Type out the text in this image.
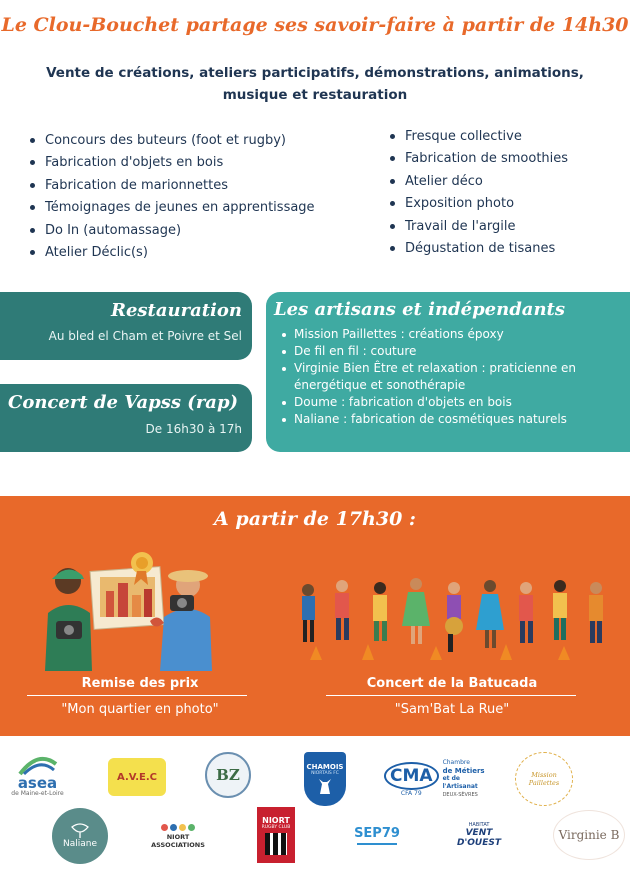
Le Clou-Bouchet partage ses savoir-faire à partir de 14h30
Vente de créations, ateliers participatifs, démonstrations, animations,
musique et restauration
Concours des buteurs (foot et rugby)
Fabrication d'objets en bois
Fabrication de marionnettes
Témoignages de jeunes en apprentissage
Do In (automassage)
Atelier Déclic(s)
Fresque collective
Fabrication de smoothies
Atelier déco
Exposition photo
Travail de l'argile
Dégustation de tisanes
Restauration
Au bled el Cham et Poivre et Sel
Concert de Vapss (rap)
De 16h30 à 17h
Les artisans et indépendants
Mission Paillettes : créations époxy
De fil en fil : couture
Virginie Bien Être et relaxation : praticienne en énergétique et sonothérapie
Doume : fabrication d'objets en bois
Naliane : fabrication de cosmétiques naturels
A partir de 17h30 :
Remise des prix
"Mon quartier en photo"
Concert de la Batucada
"Sam'Bat La Rue"
asea
de Maine-et-Loire
A.V.E.C	BZ	CHAMOIS
NIORTAIS FC	CMA
CFA 79
Chambre
de Métiers
et de l'Artisanat
DEUX-SÈVRES
Mission Paillettes
Naliane
NIORT ASSOCIATIONS
NIORT
RUGBY CLUB	SEP79
HABITAT
VENT D'OUEST
Virginie B
